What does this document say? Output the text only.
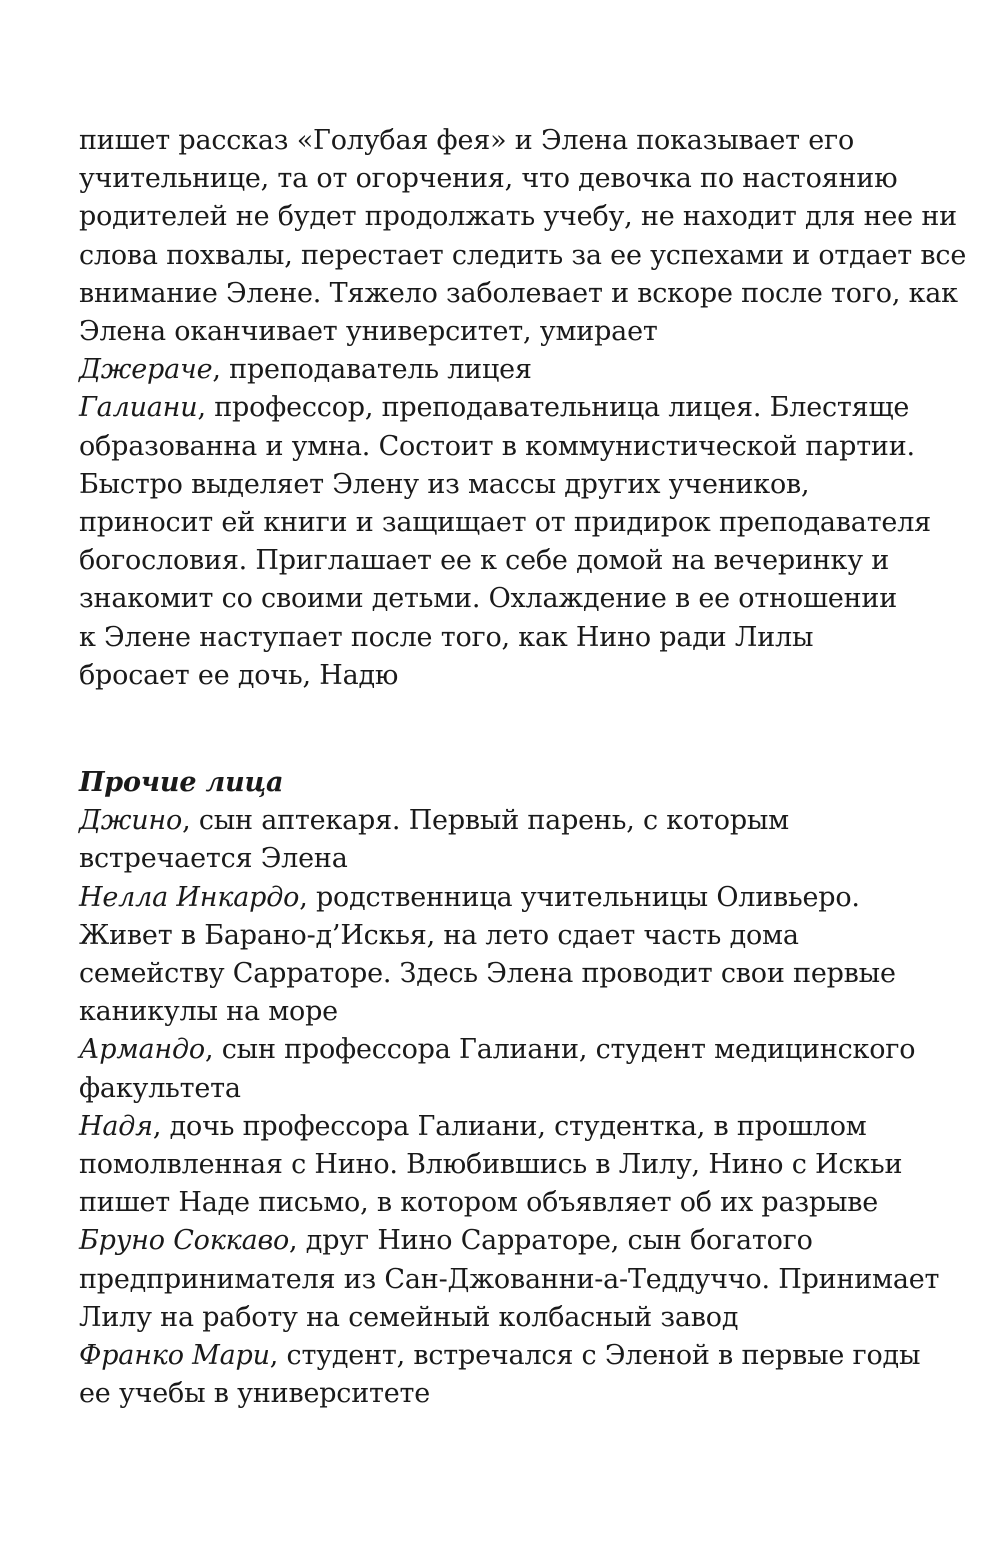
пишет рассказ «Голубая фея» и Элена показывает его
учительнице, та от огорчения, что девочка по настоянию
родителей не будет продолжать учебу, не находит для нее ни
слова похвалы, перестает следить за ее успехами и отдает все
внимание Элене. Тяжело заболевает и вскоре после того, как
Элена оканчивает университет, умирает
Джераче, преподаватель лицея
Галиани, профессор, преподавательница лицея. Блестяще
образованна и умна. Состоит в коммунистической партии.
Быстро выделяет Элену из массы других учеников,
приносит ей книги и защищает от придирок преподавателя
богословия. Приглашает ее к себе домой на вечеринку и
знакомит со своими детьми. Охлаждение в ее отношении
к Элене наступает после того, как Нино ради Лилы
бросает ее дочь, Надю
Прочие лица
Джино, сын аптекаря. Первый парень, с которым
встречается Элена
Нелла Инкардо, родственница учительницы Оливьеро.
Живет в Барано-д’Искья, на лето сдает часть дома
семейству Сарраторе. Здесь Элена проводит свои первые
каникулы на море
Армандо, сын профессора Галиани, студент медицинского
факультета
Надя, дочь профессора Галиани, студентка, в прошлом
помолвленная с Нино. Влюбившись в Лилу, Нино с Искьи
пишет Наде письмо, в котором объявляет об их разрыве
Бруно Соккаво, друг Нино Сарраторе, сын богатого
предпринимателя из Сан-Джованни-а-Теддуччо. Принимает
Лилу на работу на семейный колбасный завод
Франко Мари, студент, встречался с Эленой в первые годы
ее учебы в университете
